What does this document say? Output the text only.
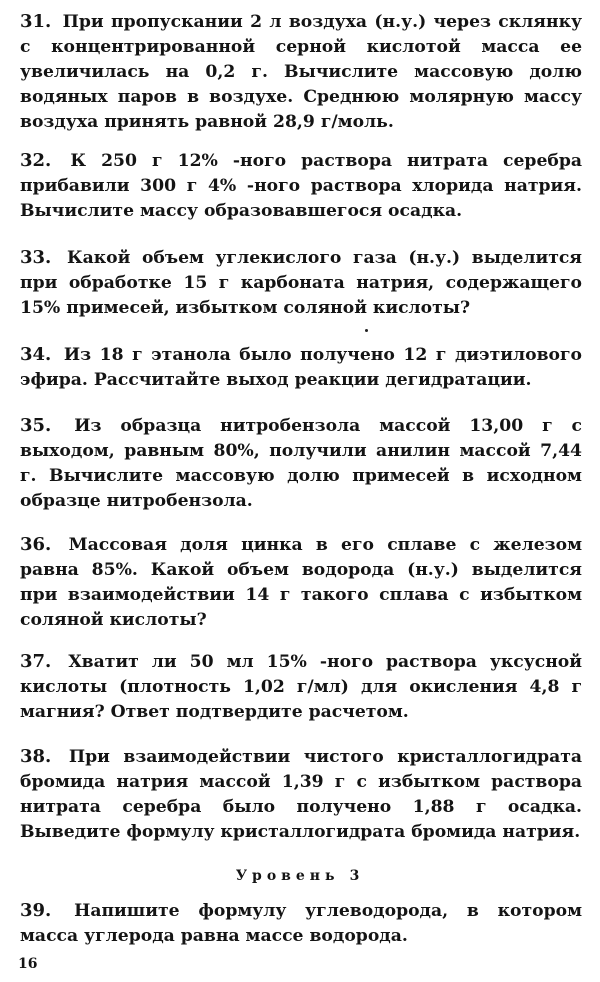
31. При пропускании 2 л воздуха (н.у.) через склянку с концентрированной серной кислотой масса ее увеличилась на 0,2 г. Вычислите массовую долю водяных паров в воздухе. Среднюю молярную массу воздуха принять равной 28,9 г/моль.
32. К 250 г 12% -ного раствора нитрата серебра прибавили 300 г 4% -ного раствора хлорида натрия. Вычислите массу образовавшегося осадка.
33. Какой объем углекислого газа (н.у.) выделится при обработке 15 г карбоната натрия, содержащего 15% примесей, избытком соляной кислоты?
34. Из 18 г этанола было получено 12 г диэтилового эфира. Рассчитайте выход реакции дегидратации.
35. Из образца нитробензола массой 13,00 г с выходом, равным 80%, получили анилин массой 7,44 г. Вычислите массовую долю примесей в исходном образце нитробензола.
36. Массовая доля цинка в его сплаве с железом равна 85%. Какой объем водорода (н.у.) выделится при взаимодействии 14 г такого сплава с избытком соляной кислоты?
37. Хватит ли 50 мл 15% -ного раствора уксусной кислоты (плотность 1,02 г/мл) для окисления 4,8 г магния? Ответ подтвердите расчетом.
38. При взаимодействии чистого кристаллогидрата бромида натрия массой 1,39 г с избытком раствора нитрата серебра было получено 1,88 г осадка. Выведите формулу кристаллогидрата бромида натрия.
Уровень 3
39. Напишите формулу углеводорода, в котором масса углерода равна массе водорода.
16
